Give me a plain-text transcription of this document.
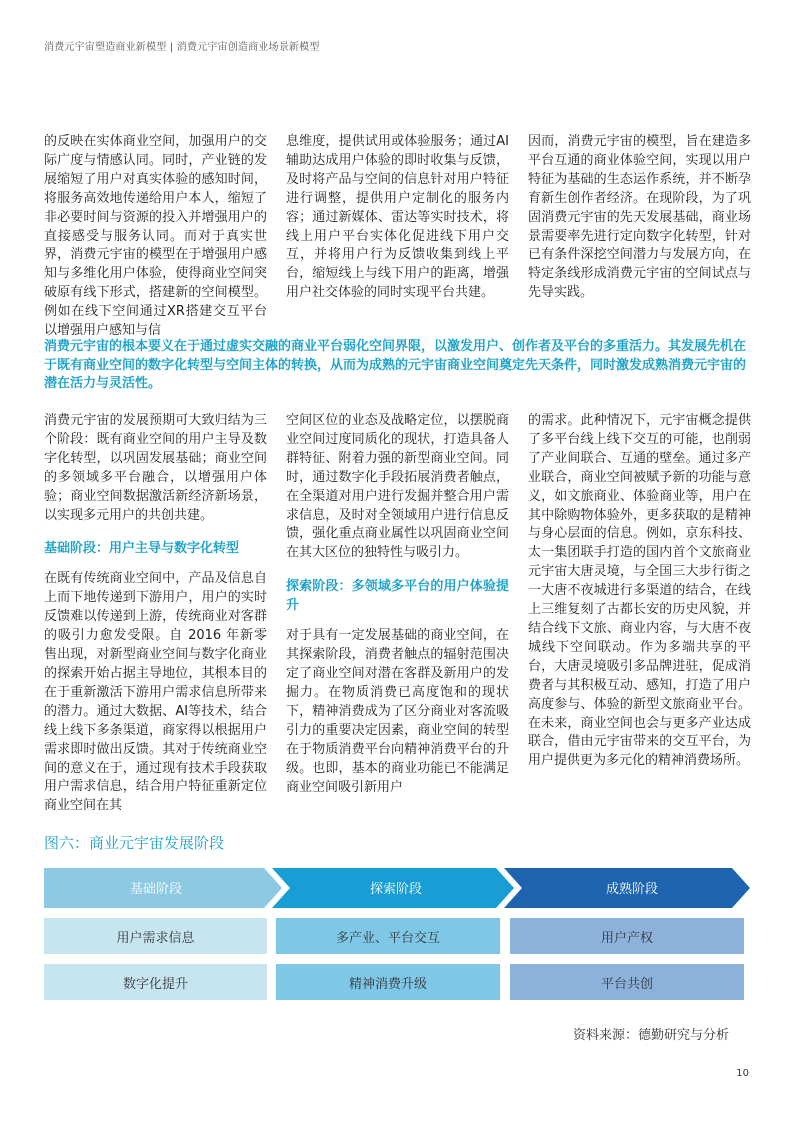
消费元宇宙塑造商业新模型 | 消费元宇宙创造商业场景新模型

的反映在实体商业空间，加强用户的交际广度与情感认同。同时，产业链的发展缩短了用户对真实体验的感知时间，将服务高效地传递给用户本人，缩短了非必要时间与资源的投入并增强用户的直接感受与服务认同。而对于真实世界，消费元宇宙的模型在于增强用户感知与多维化用户体验，使得商业空间突破原有线下形式，搭建新的空间模型。例如在线下空间通过XR搭建交互平台以增强用户感知与信

息维度，提供试用或体验服务；通过AI辅助达成用户体验的即时收集与反馈，及时将产品与空间的信息针对用户特征进行调整，提供用户定制化的服务内容；通过新媒体、雷达等实时技术，将线上用户平台实体化促进线下用户交互，并将用户行为反馈收集到线上平台，缩短线上与线下用户的距离，增强用户社交体验的同时实现平台共建。

因而，消费元宇宙的模型，旨在建造多平台互通的商业体验空间，实现以用户特征为基础的生态运作系统，并不断孕育新生创作者经济。在现阶段，为了巩固消费元宇宙的先天发展基础，商业场景需要率先进行定向数字化转型，针对已有条件深挖空间潜力与发展方向，在特定条线形成消费元宇宙的空间试点与先导实践。

消费元宇宙的根本要义在于通过虚实交融的商业平台弱化空间界限，以激发用户、创作者及平台的多重活力。其发展先机在于既有商业空间的数字化转型与空间主体的转换，从而为成熟的元宇宙商业空间奠定先天条件，同时激发成熟消费元宇宙的潜在活力与灵活性。

消费元宇宙的发展预期可大致归结为三个阶段：既有商业空间的用户主导及数字化转型，以巩固发展基础；商业空间的多领域多平台融合，以增强用户体验；商业空间数据激活新经济新场景，以实现多元用户的共创共建。

基础阶段：用户主导与数字化转型

在既有传统商业空间中，产品及信息自上而下地传递到下游用户，用户的实时反馈难以传递到上游，传统商业对客群的吸引力愈发受限。自 2016 年新零售出现，对新型商业空间与数字化商业的探索开始占据主导地位，其根本目的在于重新激活下游用户需求信息所带来的潜力。通过大数据、AI等技术，结合线上线下多条渠道，商家得以根据用户需求即时做出反馈。其对于传统商业空间的意义在于，通过现有技术手段获取用户需求信息，结合用户特征重新定位商业空间在其

空间区位的业态及战略定位，以摆脱商业空间过度同质化的现状，打造具备人群特征、附着力强的新型商业空间。同时，通过数字化手段拓展消费者触点，在全渠道对用户进行发掘并整合用户需求信息，及时对全领域用户进行信息反馈，强化重点商业属性以巩固商业空间在其大区位的独特性与吸引力。

探索阶段：多领域多平台的用户体验提升

对于具有一定发展基础的商业空间，在其探索阶段，消费者触点的辐射范围决定了商业空间对潜在客群及新用户的发掘力。在物质消费已高度饱和的现状下，精神消费成为了区分商业对客流吸引力的重要决定因素，商业空间的转型在于物质消费平台向精神消费平台的升级。也即，基本的商业功能已不能满足商业空间吸引新用户

的需求。此种情况下，元宇宙概念提供了多平台线上线下交互的可能，也削弱了产业间联合、互通的壁垒。通过多产业联合，商业空间被赋予新的功能与意义，如文旅商业、体验商业等，用户在其中除购物体验外，更多获取的是精神与身心层面的信息。例如，京东科技、太一集团联手打造的国内首个文旅商业元宇宙大唐灵境，与全国三大步行街之一大唐不夜城进行多渠道的结合，在线上三维复刻了古都长安的历史风貌，并结合线下文旅、商业内容，与大唐不夜城线下空间联动。作为多端共享的平台，大唐灵境吸引多品牌进驻，促成消费者与其积极互动、感知，打造了用户高度参与、体验的新型文旅商业平台。在未来，商业空间也会与更多产业达成联合，借由元宇宙带来的交互平台，为用户提供更为多元化的精神消费场所。

图六：商业元宇宙发展阶段
基础阶段	探索阶段	成熟阶段
用户需求信息
数字化提升
多产业、平台交互
精神消费升级
用户产权
平台共创
资料来源：德勤研究与分析
10
